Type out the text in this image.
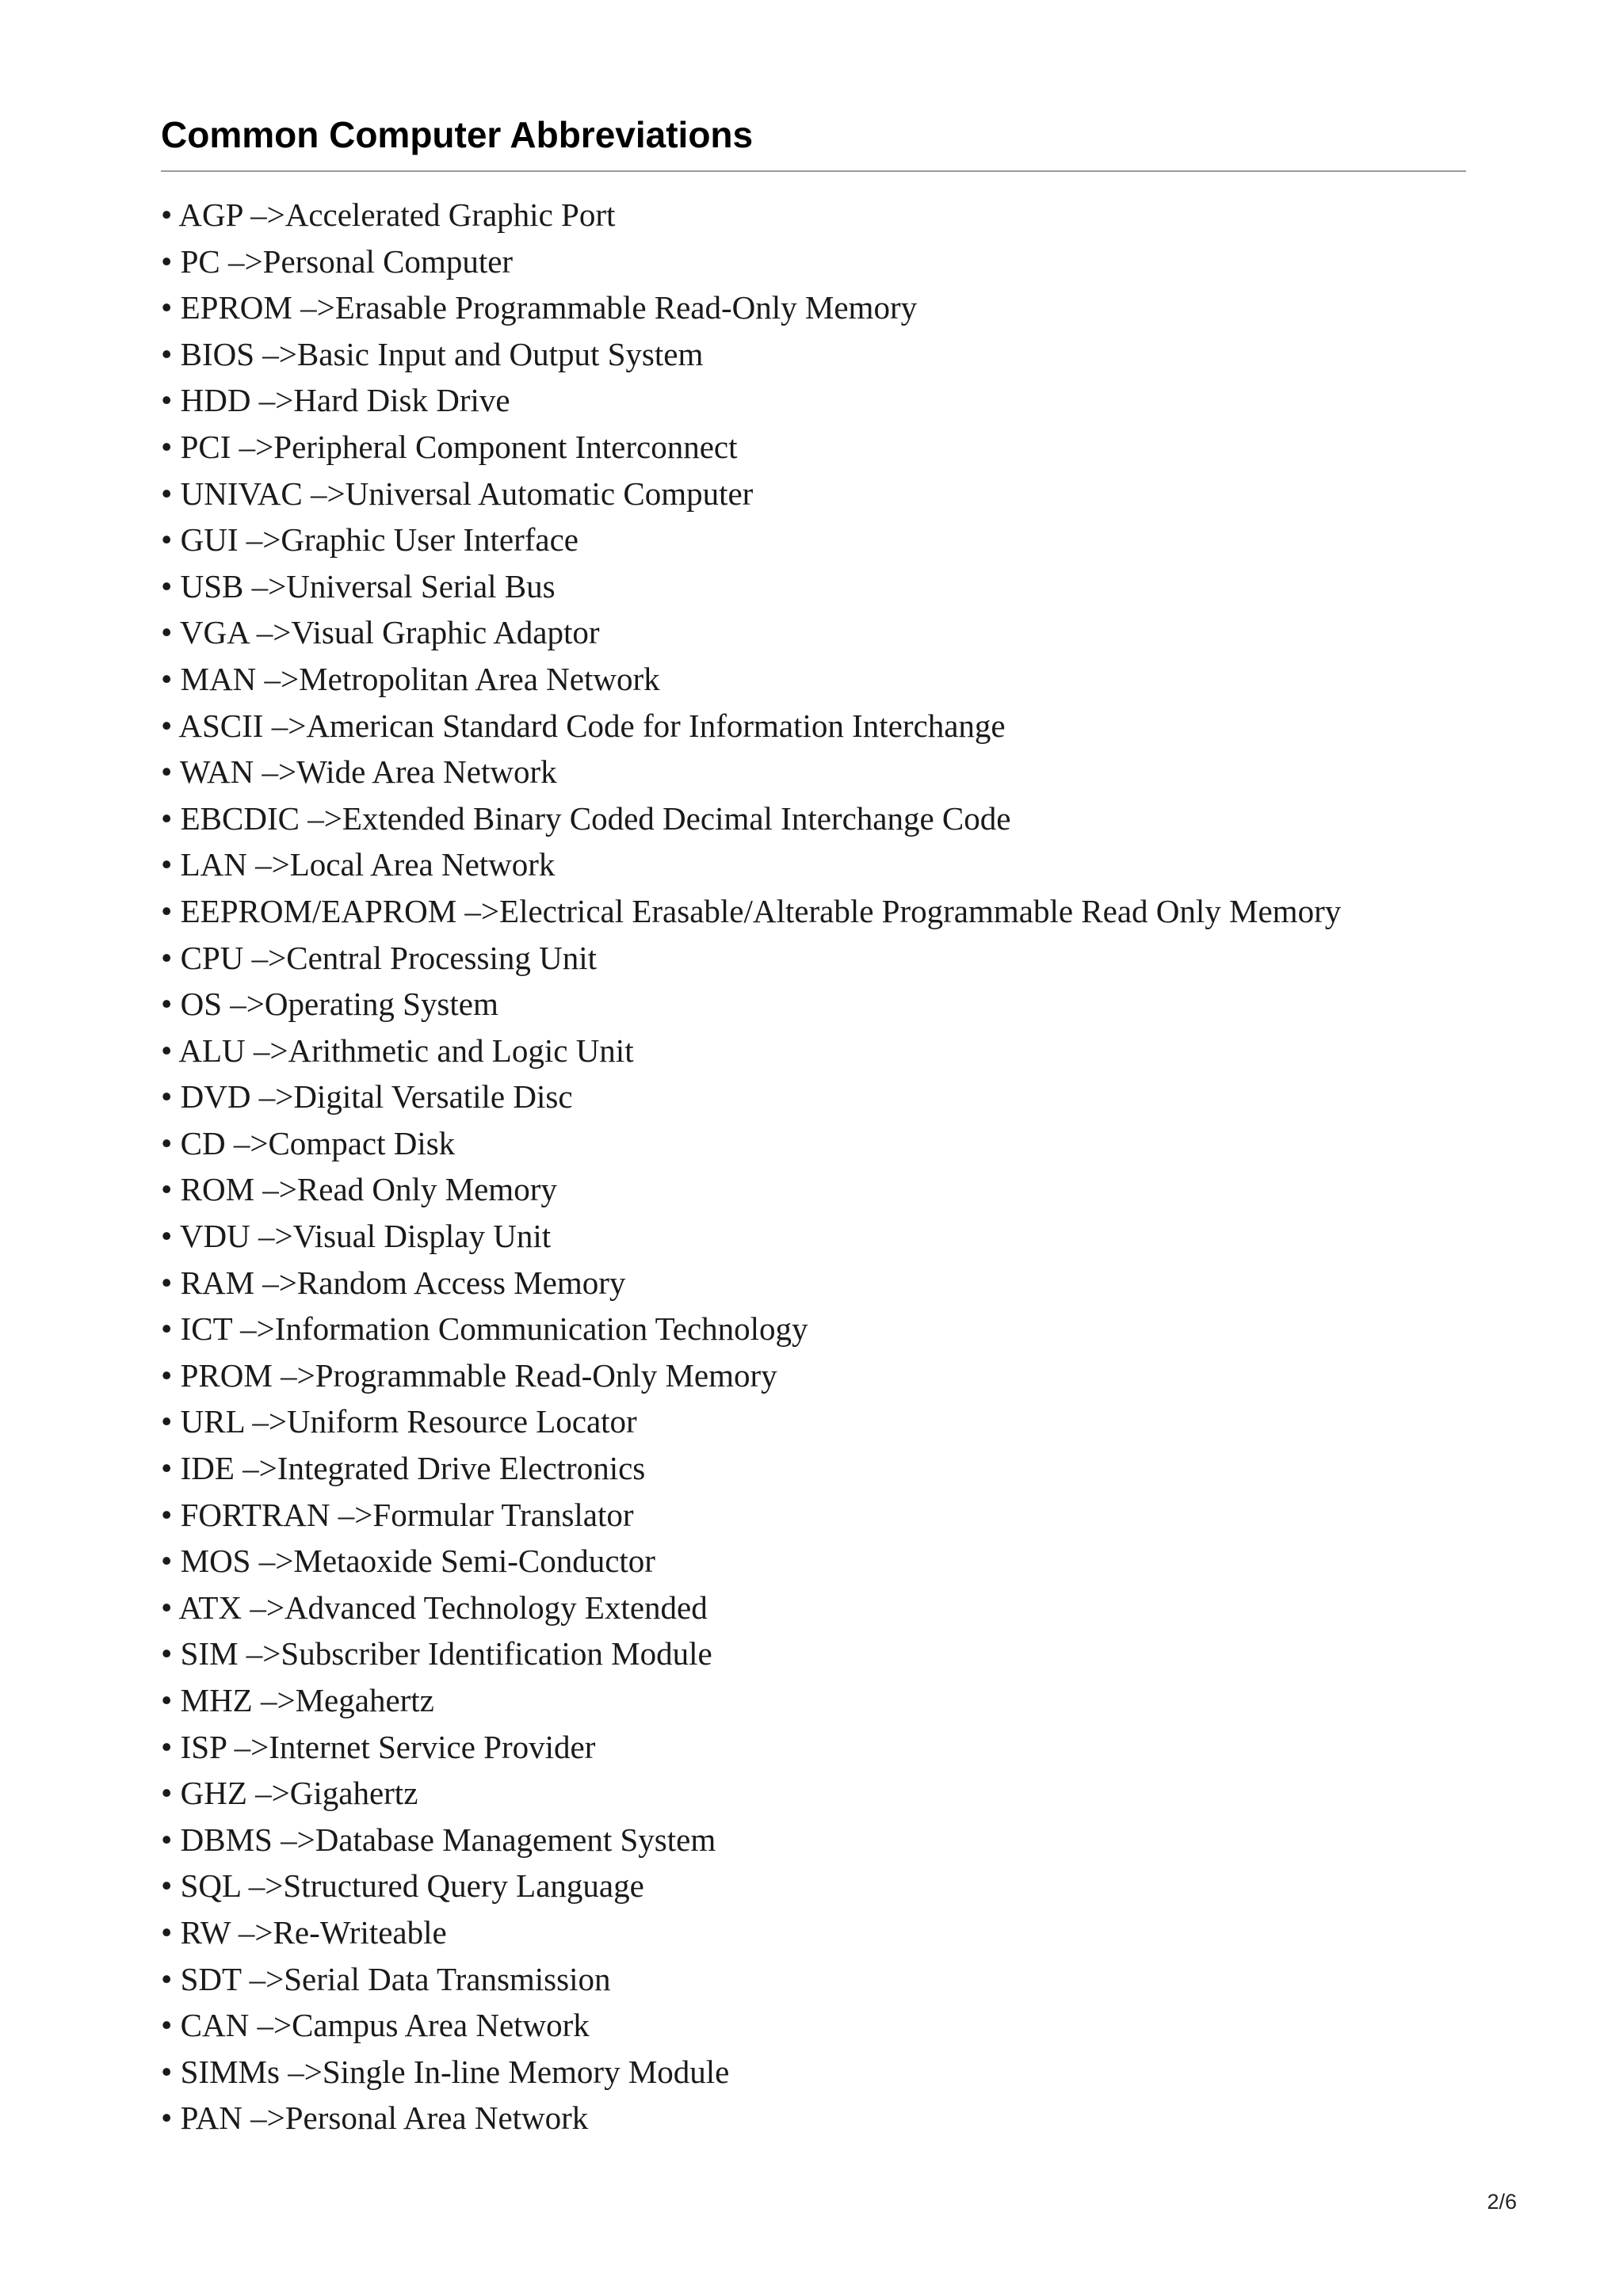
Common Computer Abbreviations
• AGP –>Accelerated Graphic Port
• PC –>Personal Computer
• EPROM –>Erasable Programmable Read-Only Memory
• BIOS –>Basic Input and Output System
• HDD –>Hard Disk Drive
• PCI –>Peripheral Component Interconnect
• UNIVAC –>Universal Automatic Computer
• GUI –>Graphic User Interface
• USB –>Universal Serial Bus
• VGA –>Visual Graphic Adaptor
• MAN –>Metropolitan Area Network
• ASCII –>American Standard Code for Information Interchange
• WAN –>Wide Area Network
• EBCDIC –>Extended Binary Coded Decimal Interchange Code
• LAN –>Local Area Network
• EEPROM/EAPROM –>Electrical Erasable/Alterable Programmable Read Only Memory
• CPU –>Central Processing Unit
• OS –>Operating System
• ALU –>Arithmetic and Logic Unit
• DVD –>Digital Versatile Disc
• CD –>Compact Disk
• ROM –>Read Only Memory
• VDU –>Visual Display Unit
• RAM –>Random Access Memory
• ICT –>Information Communication Technology
• PROM –>Programmable Read-Only Memory
• URL –>Uniform Resource Locator
• IDE –>Integrated Drive Electronics
• FORTRAN –>Formular Translator
• MOS –>Metaoxide Semi-Conductor
• ATX –>Advanced Technology Extended
• SIM –>Subscriber Identification Module
• MHZ –>Megahertz
• ISP –>Internet Service Provider
• GHZ –>Gigahertz
• DBMS –>Database Management System
• SQL –>Structured Query Language
• RW –>Re-Writeable
• SDT –>Serial Data Transmission
• CAN –>Campus Area Network
• SIMMs –>Single In-line Memory Module
• PAN –>Personal Area Network
2/6
